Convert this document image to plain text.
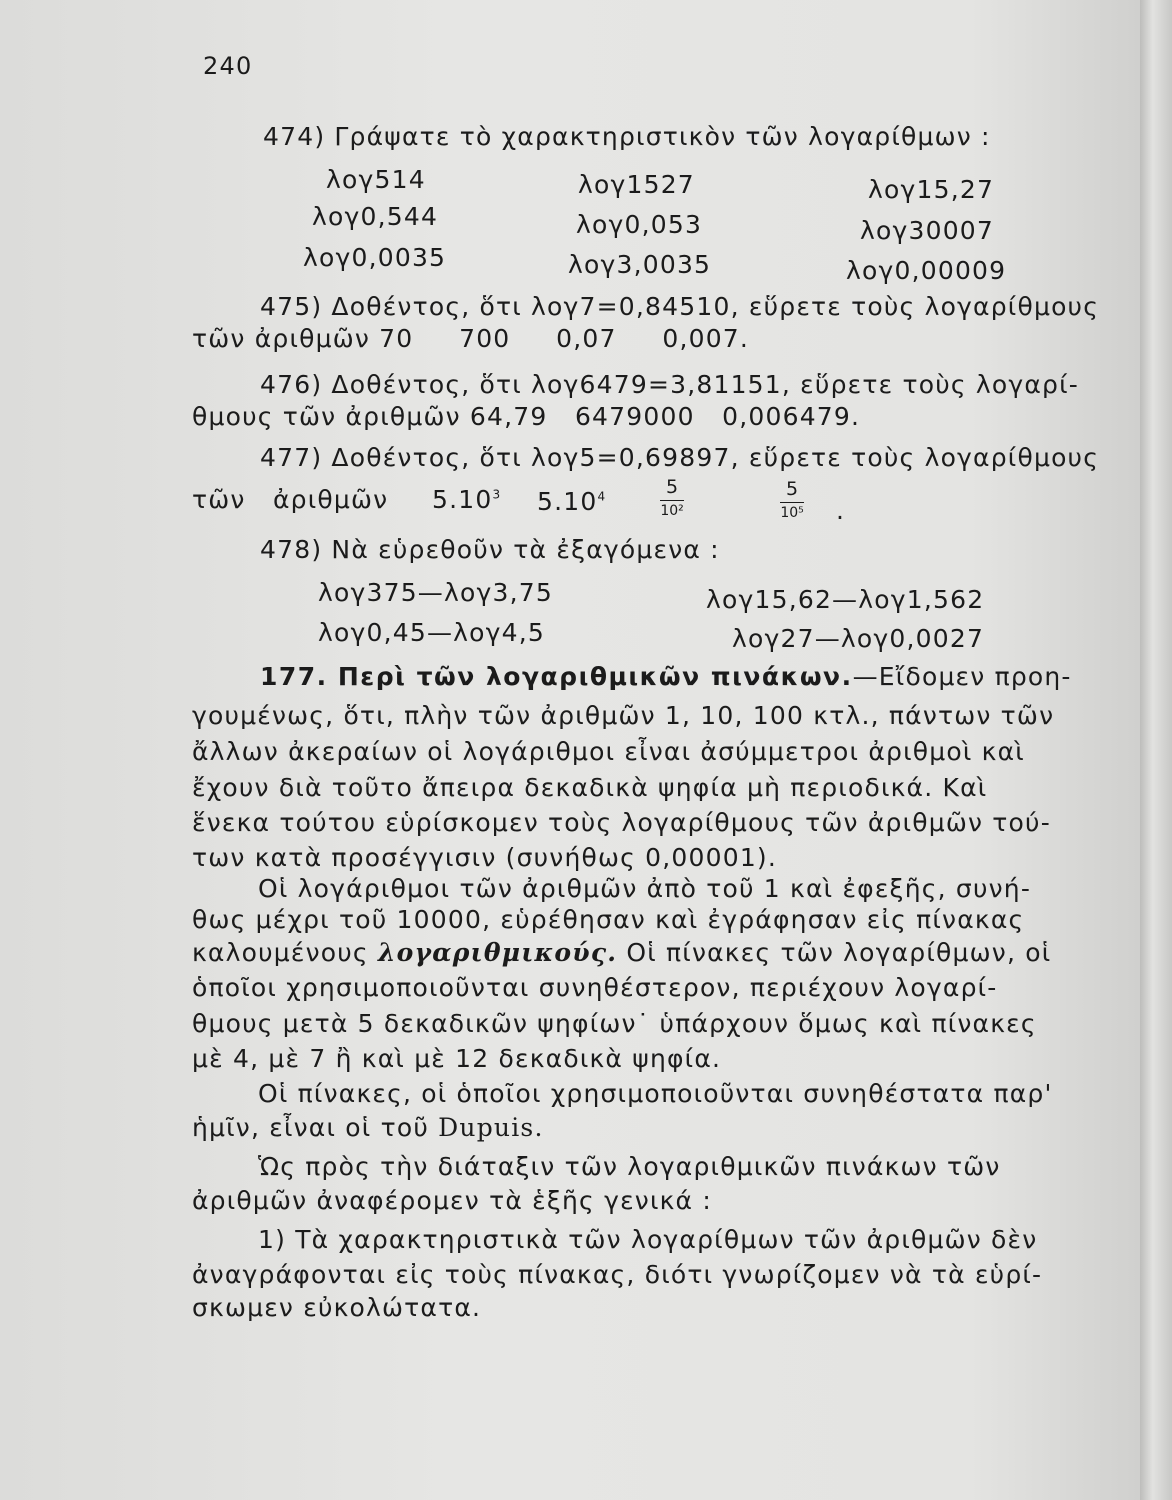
240
474) Γράψατε τὸ χαρακτηριστικὸν τῶν λογαρίθμων :
λογ514	λογ1527	λογ15,27
λογ0,544	λογ0,053	λογ30007
λογ0,0035	λογ3,0035	λογ0,00009
475) Δοθέντος, ὅτι λογ7=0,84510, εὕρετε τοὺς λογαρίθμους
τῶν ἀριθμῶν 70     700     0,07     0,007.
476) Δοθέντος, ὅτι λογ6479=3,81151, εὕρετε τοὺς λογαρί-
θμους τῶν ἀριθμῶν 64,79   6479000   0,006479.
477) Δοθέντος, ὅτι λογ5=0,69897, εὕρετε τοὺς λογαρίθμους
τῶν   ἀριθμῶν 5.10$^3$ 5.10$^4$	5
10²
5
10⁵ .
478) Νὰ εὑρεθοῦν τὰ ἐξαγόμενα :
λογ375—λογ3,75	λογ15,62—λογ1,562
λογ0,45—λογ4,5	λογ27—λογ0,0027
177. Περὶ τῶν λογαριθμικῶν πινάκων.—Εἴδομεν προη-
γουμένως, ὅτι, πλὴν τῶν ἀριθμῶν 1, 10, 100 κτλ., πάντων τῶν
ἄλλων ἀκεραίων οἱ λογάριθμοι εἶναι ἀσύμμετροι ἀριθμοὶ καὶ
ἔχουν διὰ τοῦτο ἄπειρα δεκαδικὰ ψηφία μὴ περιοδικά. Καὶ
ἕνεκα τούτου εὑρίσκομεν τοὺς λογαρίθμους τῶν ἀριθμῶν τού-
των κατὰ προσέγγισιν (συνήθως 0,00001).
Οἱ λογάριθμοι τῶν ἀριθμῶν ἀπὸ τοῦ 1 καὶ ἐφεξῆς, συνή-
θως μέχρι τοῦ 10000, εὑρέθησαν καὶ ἐγράφησαν εἰς πίνακας
καλουμένους λογαριθμικούς. Οἱ πίνακες τῶν λογαρίθμων, οἱ
ὁποῖοι χρησιμοποιοῦνται συνηθέστερον, περιέχουν λογαρί-
θμους μετὰ 5 δεκαδικῶν ψηφίων˙ ὑπάρχουν ὅμως καὶ πίνακες
μὲ 4, μὲ 7 ἢ καὶ μὲ 12 δεκαδικὰ ψηφία.
Οἱ πίνακες, οἱ ὁποῖοι χρησιμοποιοῦνται συνηθέστατα παρ'
ἡμῖν, εἶναι οἱ τοῦ Dupuis.
Ὡς πρὸς τὴν διάταξιν τῶν λογαριθμικῶν πινάκων τῶν
ἀριθμῶν ἀναφέρομεν τὰ ἑξῆς γενικά :
1) Τὰ χαρακτηριστικὰ τῶν λογαρίθμων τῶν ἀριθμῶν δὲν
ἀναγράφονται εἰς τοὺς πίνακας, διότι γνωρίζομεν νὰ τὰ εὑρί-
σκωμεν εὐκολώτατα.
